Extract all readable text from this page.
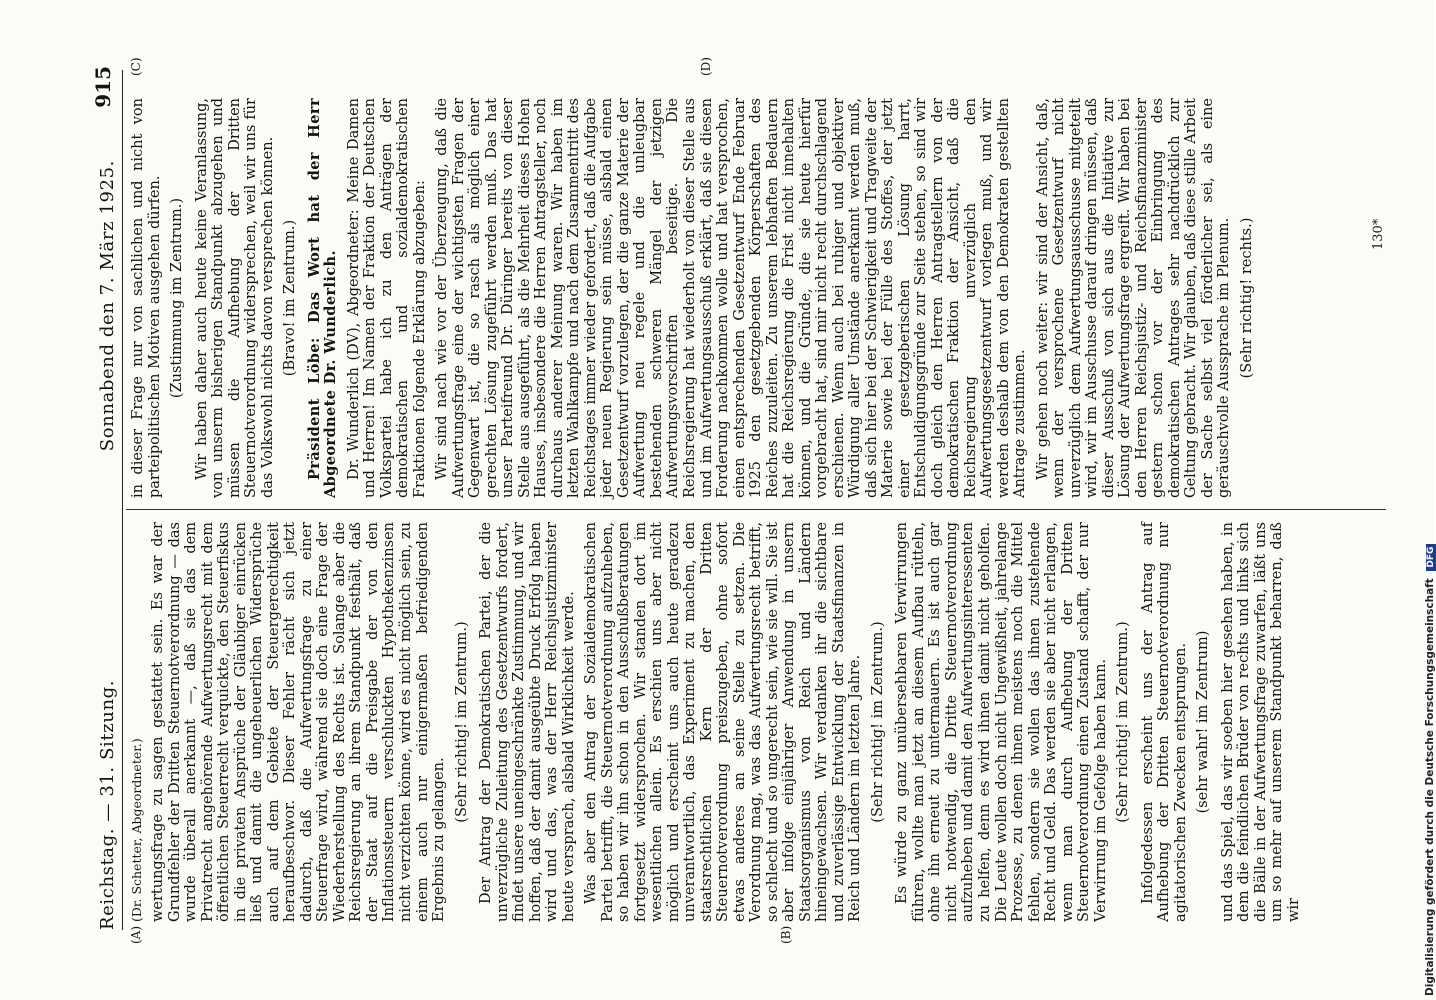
Reichstag. — 31. Sitzung.
Sonnabend den 7. März 1925.
915
(A)	(B)
(C)	(D)

(Dr. Schetter, Abgeordneter.) wertungsfrage zu sagen gestattet sein. Es war der Grundfehler der Dritten Steuernotverordnung — das wurde überall anerkannt —, daß sie das dem Privatrecht angehörende Aufwertungsrecht mit dem öffentlichen Steuerrecht verquickte, den Steuerfiskus in die privaten Ansprüche der Gläubiger einrücken ließ und damit die ungeheuerlichen Widersprüche auch auf dem Gebiete der Steuergerechtigkeit heraufbeschwor. Dieser Fehler rächt sich jetzt dadurch, daß die Aufwertungsfrage zu einer Steuerfrage wird, während sie doch eine Frage der Wiederherstellung des Rechts ist. Solange aber die Reichsregierung an ihrem Standpunkt festhält, daß der Staat auf die Preisgabe der von den Inflationssteuern verschluckten Hypothekenzinsen nicht verzichten könne, wird es nicht möglich sein, zu einem auch nur einigermaßen befriedigenden Ergebnis zu gelangen.

(Sehr richtig! im Zentrum.) Der Antrag der Demokratischen Partei, der die unverzügliche Zuleitung des Gesetzentwurfs fordert, findet unsere uneingeschränkte Zustimmung, und wir hoffen, daß der damit ausgeübte Druck Erfolg haben wird und das, was der Herr Reichsjustizminister heute versprach, alsbald Wirklichkeit werde. Was aber den Antrag der Sozialdemokratischen Partei betrifft, die Steuernotverordnung aufzuheben, so haben wir ihn schon in den Ausschußberatungen fortgesetzt widersprochen. Wir standen dort im wesentlichen allein. Es erschien uns aber nicht möglich und erscheint uns auch heute geradezu unverantwortlich, das Experiment zu machen, den staatsrechtlichen Kern der Dritten Steuernotverordnung preiszugeben, ohne sofort etwas anderes an seine Stelle zu setzen. Die Verordnung mag, was das Aufwertungsrecht betrifft, so schlecht und so ungerecht sein, wie sie will. Sie ist aber infolge einjähriger Anwendung in unsern Staatsorganismus von Reich und Ländern hineingewachsen. Wir verdanken ihr die sichtbare und zuverlässige Entwicklung der Staatsfinanzen in Reich und Ländern im letzten Jahre. (Sehr richtig! im Zentrum.) Es würde zu ganz unübersehbaren Verwirrungen führen, wollte man jetzt an diesem Aufbau rütteln, ohne ihn erneut zu untermauern. Es ist auch gar nicht notwendig, die Dritte Steuernotverordnung aufzuheben und damit den Aufwertungsinteressenten zu helfen, denn es wird ihnen damit nicht geholfen. Die Leute wollen doch nicht Ungewißheit, jahrelange Prozesse, zu denen ihnen meistens noch die Mittel fehlen, sondern sie wollen das ihnen zustehende Recht und Geld. Das werden sie aber nicht erlangen, wenn man durch Aufhebung der Dritten Steuernotverordnung einen Zustand schafft, der nur Verwirrung im Gefolge haben kann. (Sehr richtig! im Zentrum.) Infolgedessen erscheint uns der Antrag auf Aufhebung der Dritten Steuernotverordnung nur agitatorischen Zwecken entsprungen. (sehr wahr! im Zentrum) und das Spiel, das wir soeben hier gesehen haben, in dem die feindlichen Brüder von rechts und links sich die Bälle in der Aufwertungsfrage zuwarfen, läßt uns um so mehr auf unserem Standpunkt beharren, daß wir

in dieser Frage nur von sachlichen und nicht von parteipolitischen Motiven ausgehen dürfen. (Zustimmung im Zentrum.) Wir haben daher auch heute keine Veranlassung, von unserm bisherigen Standpunkt abzugehen und müssen die Aufhebung der Dritten Steuernotverordnung widersprechen, weil wir uns für das Volkswohl nichts davon versprechen können. (Bravo! im Zentrum.) Präsident Löbe: Das Wort hat der Herr Abgeordnete Dr. Wunderlich. Dr. Wunderlich (DV), Abgeordneter: Meine Damen und Herren! Im Namen der Fraktion der Deutschen Volkspartei habe ich zu den Anträgen der demokratischen und sozialdemokratischen Fraktionen folgende Erklärung abzugeben: Wir sind nach wie vor der Überzeugung, daß die Aufwertungsfrage eine der wichtigsten Fragen der Gegenwart ist, die so rasch als möglich einer gerechten Lösung zugeführt werden muß. Das hat unser Parteifreund Dr. Düringer bereits von dieser Stelle aus ausgeführt, als die Mehrheit dieses Hohen Hauses, insbesondere die Herren Antragsteller, noch durchaus anderer Meinung waren. Wir haben im letzten Wahlkampfe und nach dem Zusammentritt des Reichstages immer wieder gefordert, daß die Aufgabe jeder neuen Regierung sein müsse, alsbald einen Gesetzentwurf vorzulegen, der die ganze Materie der Aufwertung neu regele und die unleugbar bestehenden schweren Mängel der jetzigen Aufwertungsvorschriften beseitige. Die Reichsregierung hat wiederholt von dieser Stelle aus und im Aufwertungsausschuß erklärt, daß sie diesen Forderung nachkommen wolle und hat versprochen, einen entsprechenden Gesetzentwurf Ende Februar 1925 den gesetzgebenden Körperschaften des Reiches zuzuleiten. Zu unserem lebhaften Bedauern hat die Reichsregierung die Frist nicht innehalten können, und die Gründe, die sie heute hierfür vorgebracht hat, sind mir nicht recht durchschlagend erschienen. Wenn auch bei ruhiger und objektiver Würdigung aller Umstände anerkannt werden muß, daß sich hier bei der Schwierigkeit und Tragweite der Materie sowie bei der Fülle des Stoffes, der jetzt einer gesetzgeberischen Lösung harrt, Entschuldigungsgründe zur Seite stehen, so sind wir doch gleich den Herren Antragstellern von der demokratischen Fraktion der Ansicht, daß die Reichsregierung unverzüglich den Aufwertungsgesetzentwurf vorlegen muß, und wir werden deshalb dem von den Demokraten gestellten Antrage zustimmen. Wir gehen noch weiter: wir sind der Ansicht, daß, wenn der versprochene Gesetzentwurf nicht unverzüglich dem Aufwertungsausschusse mitgeteilt wird, wir im Ausschusse darauf dringen müssen, daß dieser Ausschuß von sich aus die Initiative zur Lösung der Aufwertungsfrage ergreift. Wir haben bei den Herren Reichsjustiz- und Reichsfinanzminister gestern schon vor der Einbringung des demokratischen Antrages sehr nachdrücklich zur Geltung gebracht. Wir glauben, daß diese stille Arbeit der Sache selbst viel förderlicher sei, als eine geräuschvolle Aussprache im Plenum. (Sehr richtig! rechts.)	130*
Digitalisierung gefördert durch die Deutsche Forschungsgemeinschaft DFG
